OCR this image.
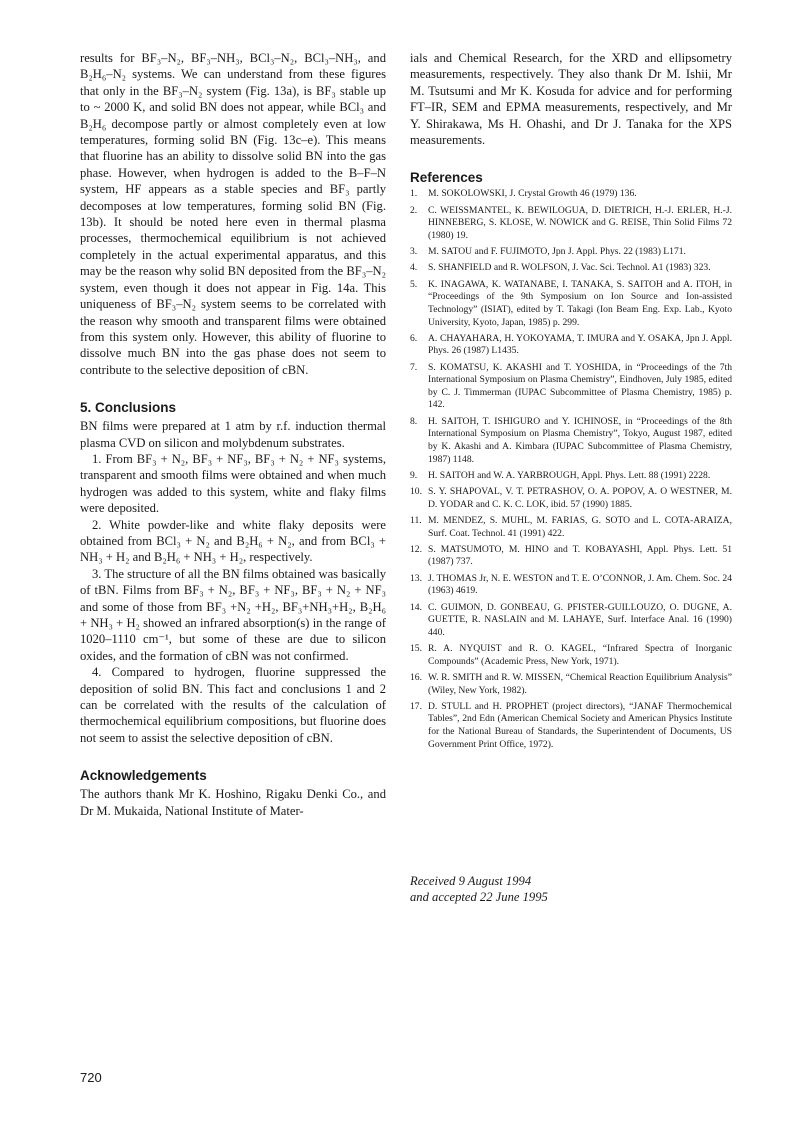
results for BF₃–N₂, BF₃–NH₃, BCl₃–N₂, BCl₃–NH₃, and B₂H₆–N₂ systems. We can understand from these figures that only in the BF₃–N₂ system (Fig. 13a), is BF₃ stable up to ~ 2000 K, and solid BN does not appear, while BCl₃ and B₂H₆ decompose partly or almost completely even at low temperatures, forming solid BN (Fig. 13c–e). This means that fluorine has an ability to dissolve solid BN into the gas phase. However, when hydrogen is added to the B–F–N system, HF appears as a stable species and BF₃ partly decomposes at low temperatures, forming solid BN (Fig. 13b). It should be noted here even in thermal plasma processes, thermochemical equilibrium is not achieved completely in the actual experimental apparatus, and this may be the reason why solid BN deposited from the BF₃–N₂ system, even though it does not appear in Fig. 14a. This uniqueness of BF₃–N₂ system seems to be correlated with the reason why smooth and transparent films were obtained from this system only. However, this ability of fluorine to dissolve much BN into the gas phase does not seem to contribute to the selective deposition of cBN.

5. Conclusions

BN films were prepared at 1 atm by r.f. induction thermal plasma CVD on silicon and molybdenum substrates.

1. From BF₃ + N₂, BF₃ + NF₃, BF₃ + N₂ + NF₃ systems, transparent and smooth films were obtained and when much hydrogen was added to this system, white and flaky films were deposited.

2. White powder-like and white flaky deposits were obtained from BCl₃ + N₂ and B₂H₆ + N₂, and from BCl₃ + NH₃ + H₂ and B₂H₆ + NH₃ + H₂, respectively.

3. The structure of all the BN films obtained was basically of tBN. Films from BF₃ + N₂, BF₃ + NF₃, BF₃ + N₂ + NF₃ and some of those from BF₃ +N₂ +H₂, BF₃+NH₃+H₂, B₂H₆ + NH₃ + H₂ showed an infrared absorption(s) in the range of 1020–1110 cm⁻¹, but some of these are due to silicon oxides, and the formation of cBN was not confirmed.

4. Compared to hydrogen, fluorine suppressed the deposition of solid BN. This fact and conclusions 1 and 2 can be correlated with the results of the calculation of thermochemical equilibrium compositions, but fluorine does not seem to assist the selective deposition of cBN.

Acknowledgements

The authors thank Mr K. Hoshino, Rigaku Denki Co., and Dr M. Mukaida, National Institute of Mater-

ials and Chemical Research, for the XRD and ellipsometry measurements, respectively. They also thank Dr M. Ishii, Mr M. Tsutsumi and Mr K. Kosuda for advice and for performing FT–IR, SEM and EPMA measurements, respectively, and Mr Y. Shirakawa, Ms H. Ohashi, and Dr J. Tanaka for the XPS measurements.

References
1.	M. SOKOLOWSKI, J. Crystal Growth 46 (1979) 136.
2.	C. WEISSMANTEL, K. BEWILOGUA, D. DIETRICH, H.-J. ERLER, H.-J. HINNEBERG, S. KLOSE, W. NOWICK and G. REISE, Thin Solid Films 72 (1980) 19.
3.	M. SATOU and F. FUJIMOTO, Jpn J. Appl. Phys. 22 (1983) L171.
4.	S. SHANFIELD and R. WOLFSON, J. Vac. Sci. Technol. A1 (1983) 323.
5.	K. INAGAWA, K. WATANABE, I. TANAKA, S. SAITOH and A. ITOH, in “Proceedings of the 9th Symposium on Ion Source and Ion-assisted Technology” (ISIAT), edited by T. Takagi (Ion Beam Eng. Exp. Lab., Kyoto University, Kyoto, Japan, 1985) p. 299.
6.	A. CHAYAHARA, H. YOKOYAMA, T. IMURA and Y. OSAKA, Jpn J. Appl. Phys. 26 (1987) L1435.
7.	S. KOMATSU, K. AKASHI and T. YOSHIDA, in “Proceedings of the 7th International Symposium on Plasma Chemistry”, Eindhoven, July 1985, edited by C. J. Timmerman (IUPAC Subcommittee of Plasma Chemistry, 1985) p. 142.
8.	H. SAITOH, T. ISHIGURO and Y. ICHINOSE, in “Proceedings of the 8th International Symposium on Plasma Chemistry”, Tokyo, August 1987, edited by K. Akashi and A. Kimbara (IUPAC Subcommittee of Plasma Chemistry, 1987) 1148.
9.	H. SAITOH and W. A. YARBROUGH, Appl. Phys. Lett. 88 (1991) 2228.
10. S. Y. SHAPOVAL, V. T. PETRASHOV, O. A. POPOV, A. O WESTNER, M. D. YODAR and C. K. C. LOK, ibid. 57 (1990) 1885.
11. M. MENDEZ, S. MUHL, M. FARIAS, G. SOTO and L. COTA-ARAIZA, Surf. Coat. Technol. 41 (1991) 422.
12. S. MATSUMOTO, M. HINO and T. KOBAYASHI, Appl. Phys. Lett. 51 (1987) 737.
13. J. THOMAS Jr, N. E. WESTON and T. E. O’CONNOR, J. Am. Chem. Soc. 24 (1963) 4619.
14. C. GUIMON, D. GONBEAU, G. PFISTER-GUILLOUZO, O. DUGNE, A. GUETTE, R. NASLAIN and M. LAHAYE, Surf. Interface Anal. 16 (1990) 440.
15. R. A. NYQUIST and R. O. KAGEL, “Infrared Spectra of Inorganic Compounds” (Academic Press, New York, 1971).
16. W. R. SMITH and R. W. MISSEN, “Chemical Reaction Equilibrium Analysis” (Wiley, New York, 1982).
17. D. STULL and H. PROPHET (project directors), “JANAF Thermochemical Tables”, 2nd Edn (American Chemical Society and American Physics Institute for the National Bureau of Standards, the Superintendent of Documents, US Government Print Office, 1972).
Received 9 August 1994
and accepted 22 June 1995
720
